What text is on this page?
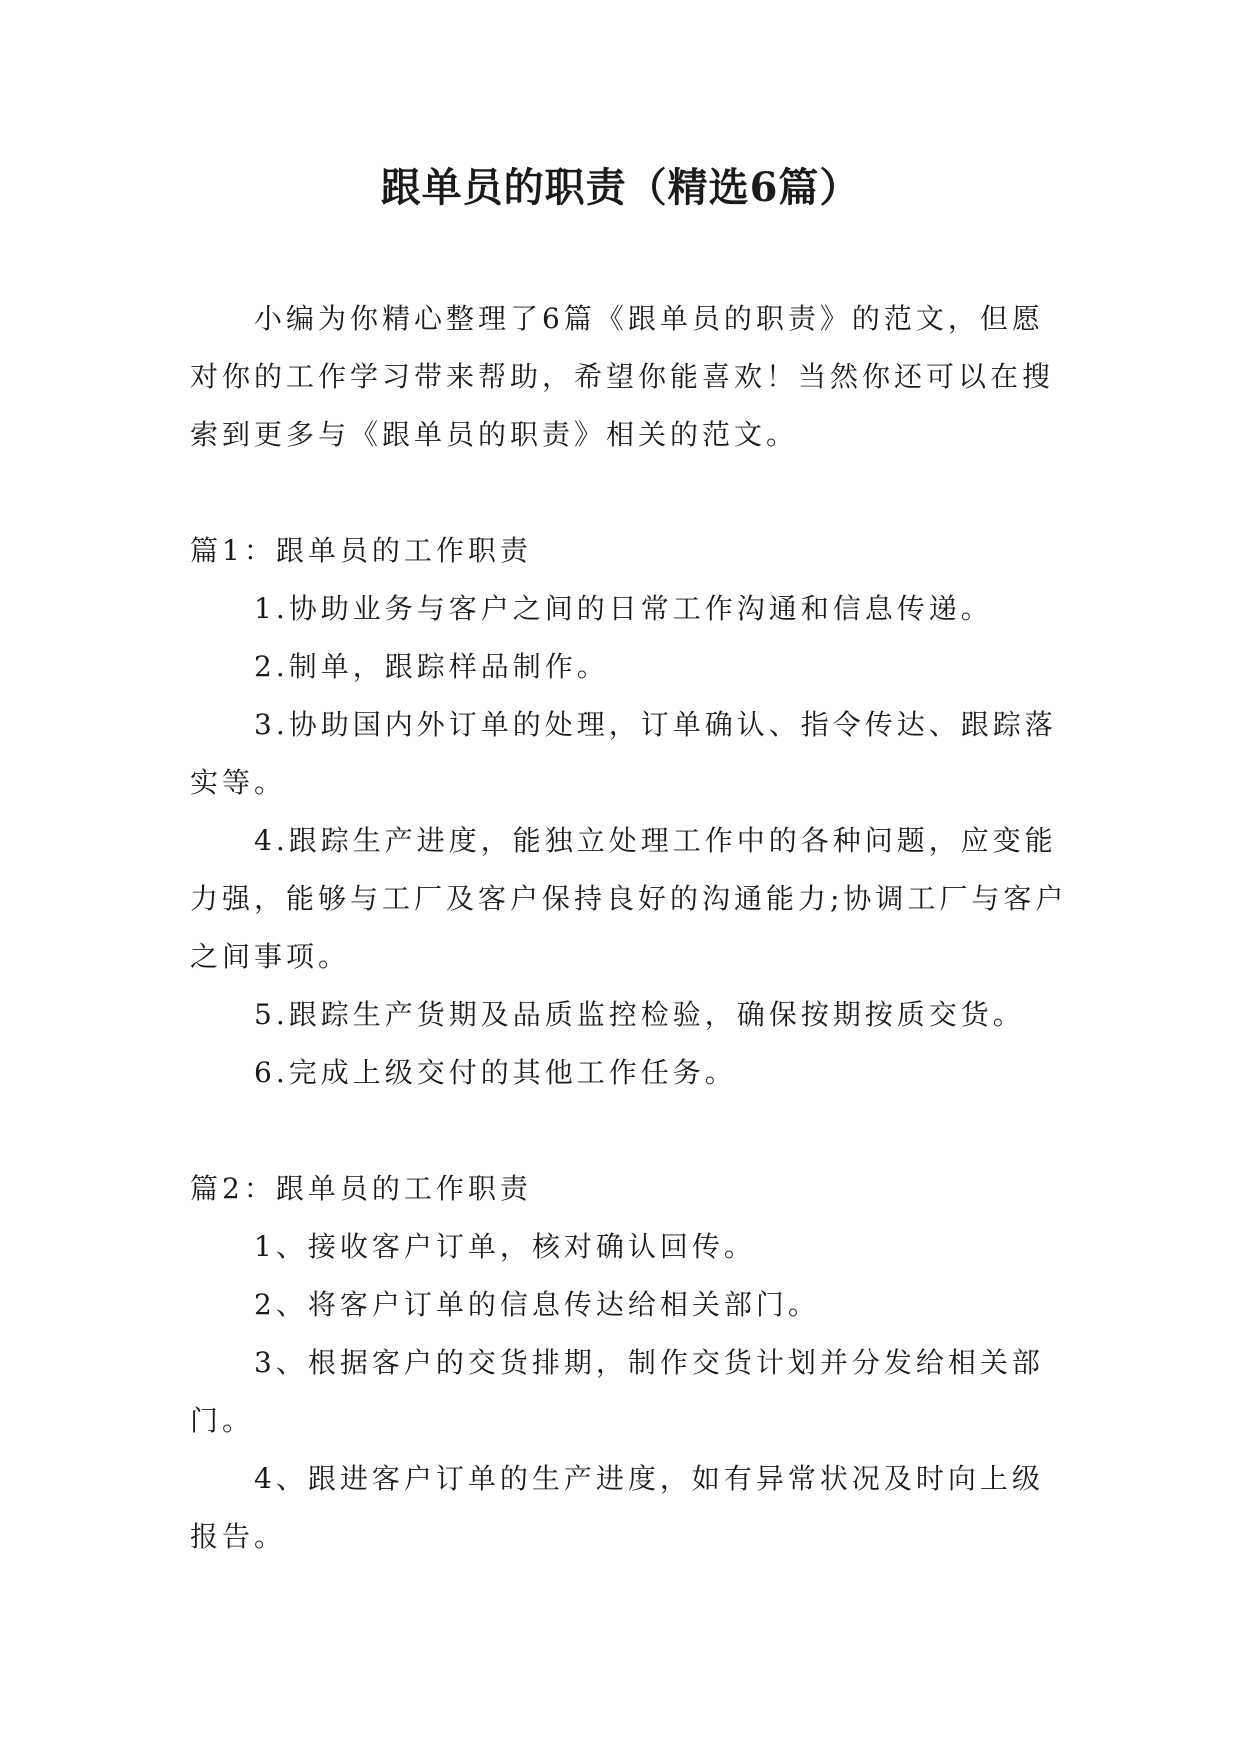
跟单员的职责（精选6篇）

小编为你精心整理了6篇《跟单员的职责》的范文，但愿对你的工作学习带来帮助，希望你能喜欢！当然你还可以在搜索到更多与《跟单员的职责》相关的范文。

篇1：跟单员的工作职责

1.协助业务与客户之间的日常工作沟通和信息传递。

2.制单，跟踪样品制作。

3.协助国内外订单的处理，订单确认、指令传达、跟踪落实等。

4.跟踪生产进度，能独立处理工作中的各种问题，应变能力强，能够与工厂及客户保持良好的沟通能力;协调工厂与客户之间事项。

5.跟踪生产货期及品质监控检验，确保按期按质交货。

6.完成上级交付的其他工作任务。

篇2：跟单员的工作职责

1、接收客户订单，核对确认回传。

2、将客户订单的信息传达给相关部门。

3、根据客户的交货排期，制作交货计划并分发给相关部门。

4、跟进客户订单的生产进度，如有异常状况及时向上级报告。
